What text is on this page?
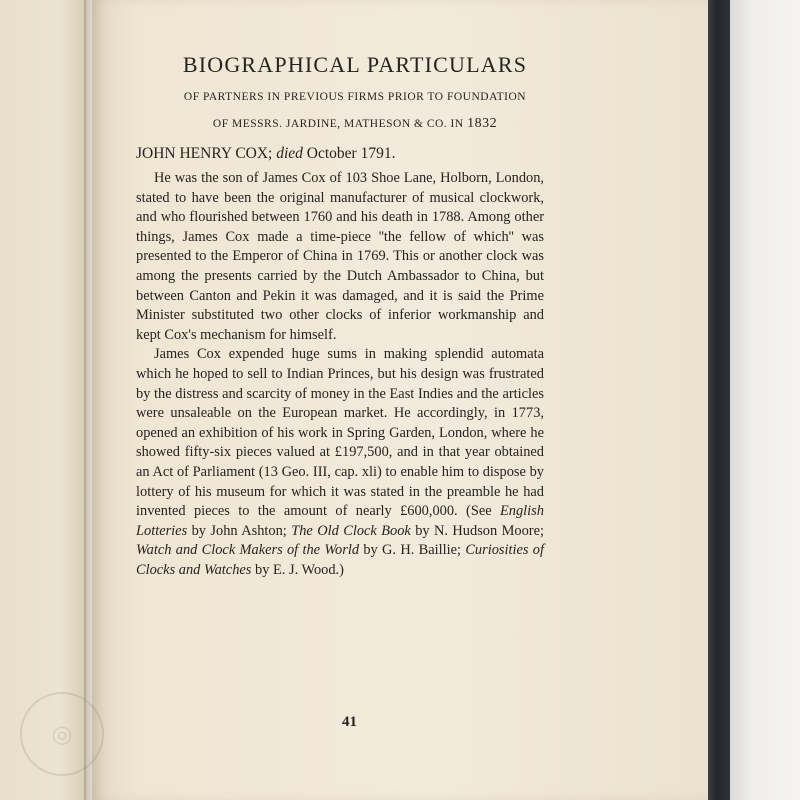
◎
BIOGRAPHICAL PARTICULARS

OF PARTNERS IN PREVIOUS FIRMS PRIOR TO FOUNDATION

OF MESSRS. JARDINE, MATHESON & CO. IN 1832

JOHN HENRY COX; died October 1791.

He was the son of James Cox of 103 Shoe Lane, Holborn, London, stated to have been the original manufacturer of musical clockwork, and who flourished between 1760 and his death in 1788. Among other things, James Cox made a time-piece ''the fellow of which'' was presented to the Emperor of China in 1769. This or another clock was among the presents carried by the Dutch Ambassador to China, but between Canton and Pekin it was damaged, and it is said the Prime Minister substituted two other clocks of inferior workmanship and kept Cox's mechanism for himself.

James Cox expended huge sums in making splendid automata which he hoped to sell to Indian Princes, but his design was frustrated by the distress and scarcity of money in the East Indies and the articles were unsaleable on the European market. He accordingly, in 1773, opened an exhibition of his work in Spring Garden, London, where he showed fifty-six pieces valued at £197,500, and in that year obtained an Act of Parliament (13 Geo. III, cap. xli) to enable him to dispose by lottery of his museum for which it was stated in the preamble he had invented pieces to the amount of nearly £600,000. (See English Lotteries by John Ashton; The Old Clock Book by N. Hudson Moore; Watch and Clock Makers of the World by G. H. Baillie; Curiosities of Clocks and Watches by E. J. Wood.)

41
